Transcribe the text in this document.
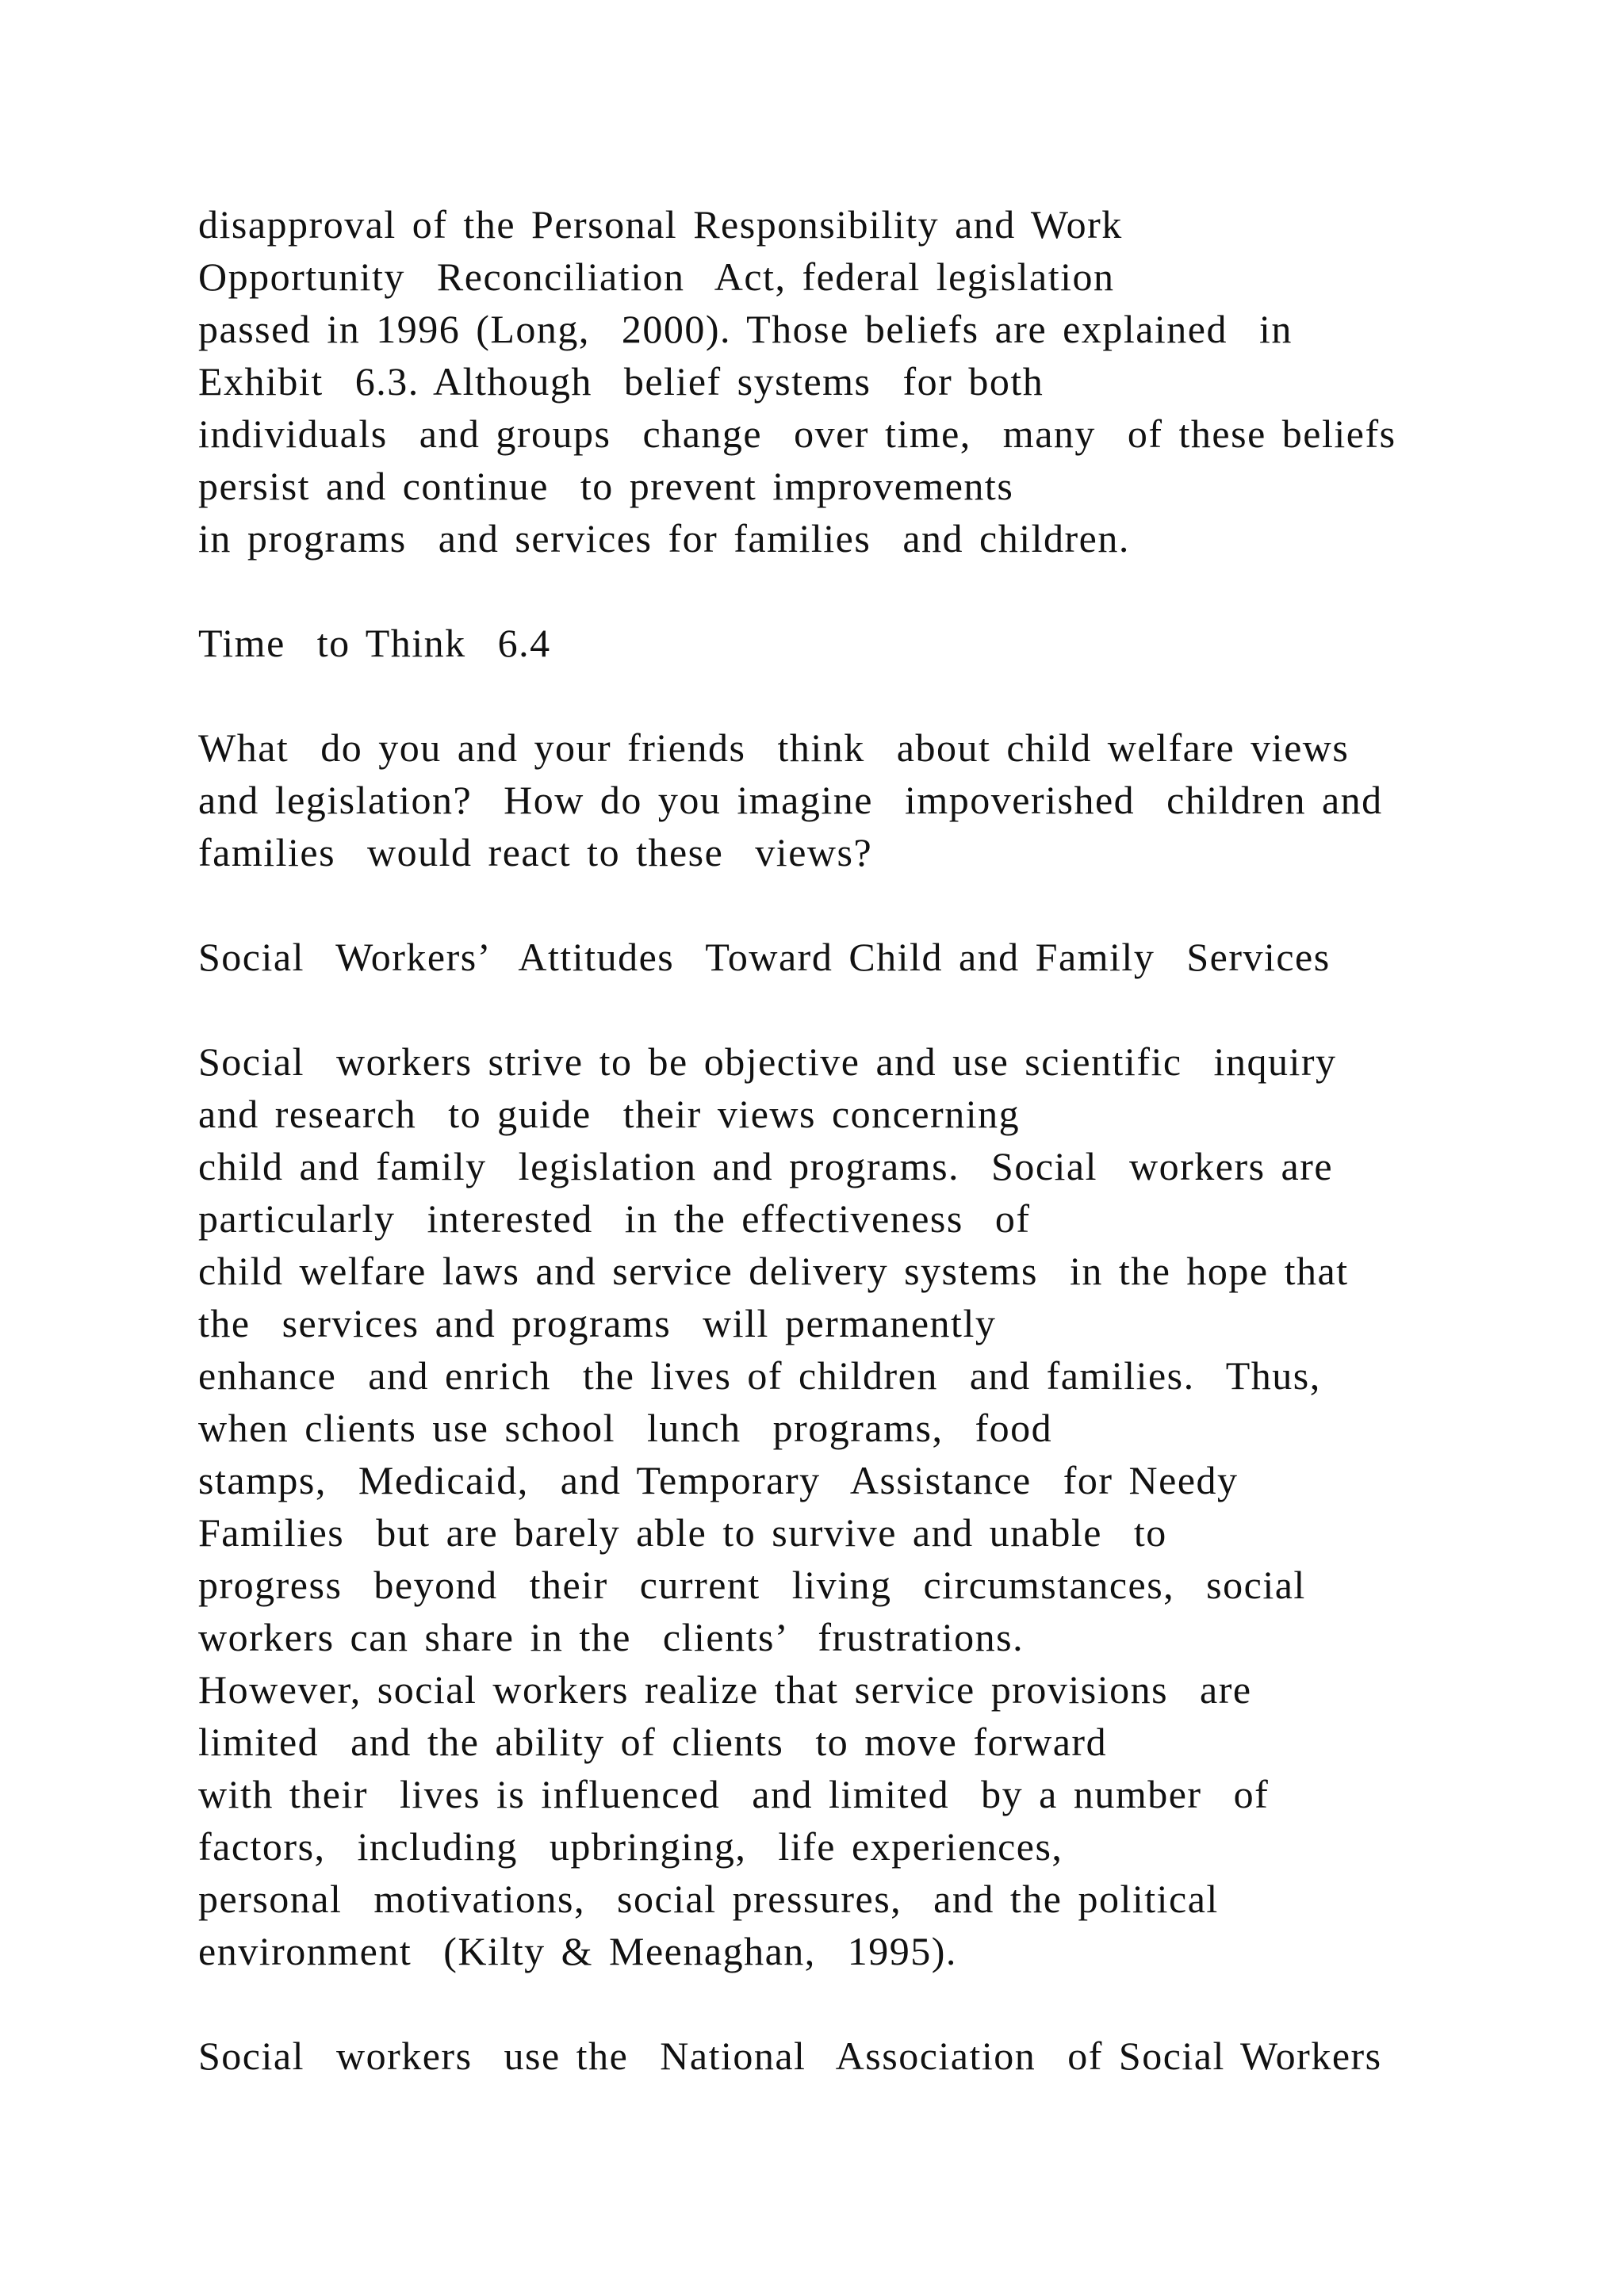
disapproval of the Personal Responsibility and Work
Opportunity  Reconciliation  Act, federal legislation
passed in 1996 (Long,  2000). Those beliefs are explained  in
Exhibit  6.3. Although  belief systems  for both
individuals  and groups  change  over time,  many  of these beliefs
persist and continue  to prevent improvements
in programs  and services for families  and children.
Time  to Think  6.4
What  do you and your friends  think  about child welfare views
and legislation?  How do you imagine  impoverished  children and
families  would react to these  views?
Social  Workers’  Attitudes  Toward Child and Family  Services
Social  workers strive to be objective and use scientific  inquiry
and research  to guide  their views concerning
child and family  legislation and programs.  Social  workers are
particularly  interested  in the effectiveness  of
child welfare laws and service delivery systems  in the hope that
the  services and programs  will permanently
enhance  and enrich  the lives of children  and families.  Thus,
when clients use school  lunch  programs,  food
stamps,  Medicaid,  and Temporary  Assistance  for Needy
Families  but are barely able to survive and unable  to
progress  beyond  their  current  living  circumstances,  social
workers can share in the  clients’  frustrations.
However, social workers realize that service provisions  are
limited  and the ability of clients  to move forward
with their  lives is influenced  and limited  by a number  of
factors,  including  upbringing,  life experiences,
personal  motivations,  social pressures,  and the political
environment  (Kilty & Meenaghan,  1995).
Social  workers  use the  National  Association  of Social Workers
